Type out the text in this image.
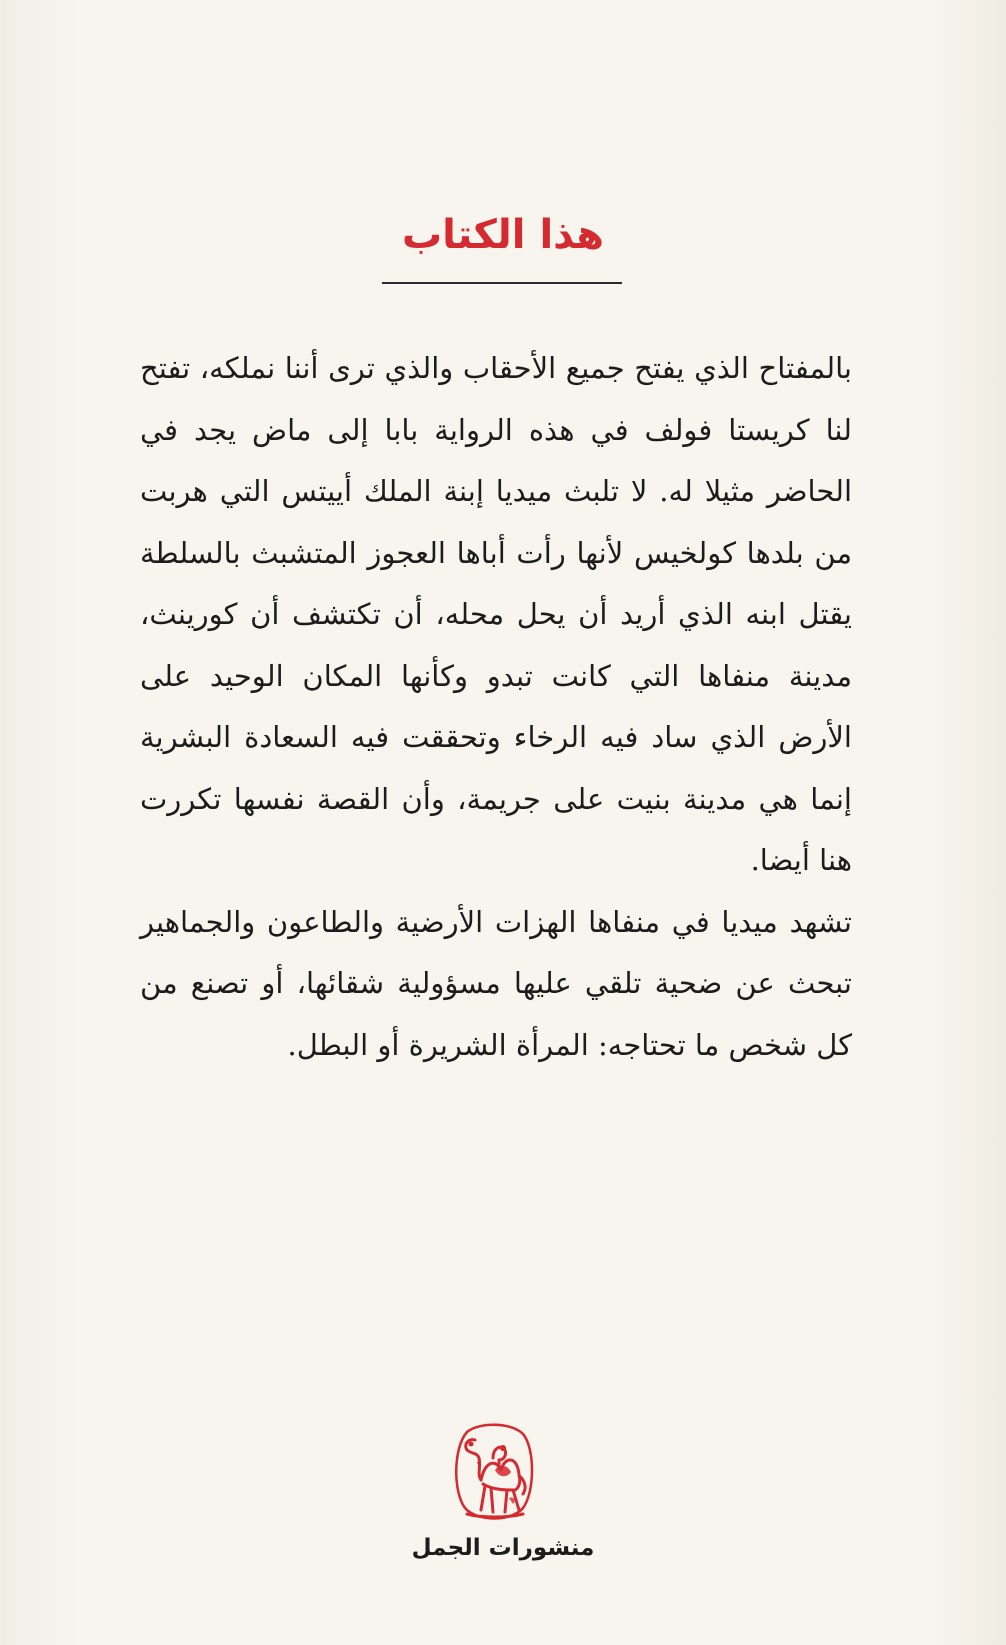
هذا الكتاب

بالمفتاح الذي يفتح جميع الأحقاب والذي ترى أننا نملكه، تفتح لنا كريستا فولف في هذه الرواية بابا إلى ماض يجد في الحاضر مثيلا له. لا تلبث ميديا إبنة الملك أييتس التي هربت من بلدها كولخيس لأنها رأت أباها العجوز المتشبث بالسلطة يقتل ابنه الذي أريد أن يحل محله، أن تكتشف أن كورينث، مدينة منفاها التي كانت تبدو وكأنها المكان الوحيد على الأرض الذي ساد فيه الرخاء وتحققت فيه السعادة البشرية إنما هي مدينة بنيت على جريمة، وأن القصة نفسها تكررت هنا أيضا.

تشهد ميديا في منفاها الهزات الأرضية والطاعون والجماهير تبحث عن ضحية تلقي عليها مسؤولية شقائها، أو تصنع من كل شخص ما تحتاجه: المرأة الشريرة أو البطل.

منشورات الجمل
